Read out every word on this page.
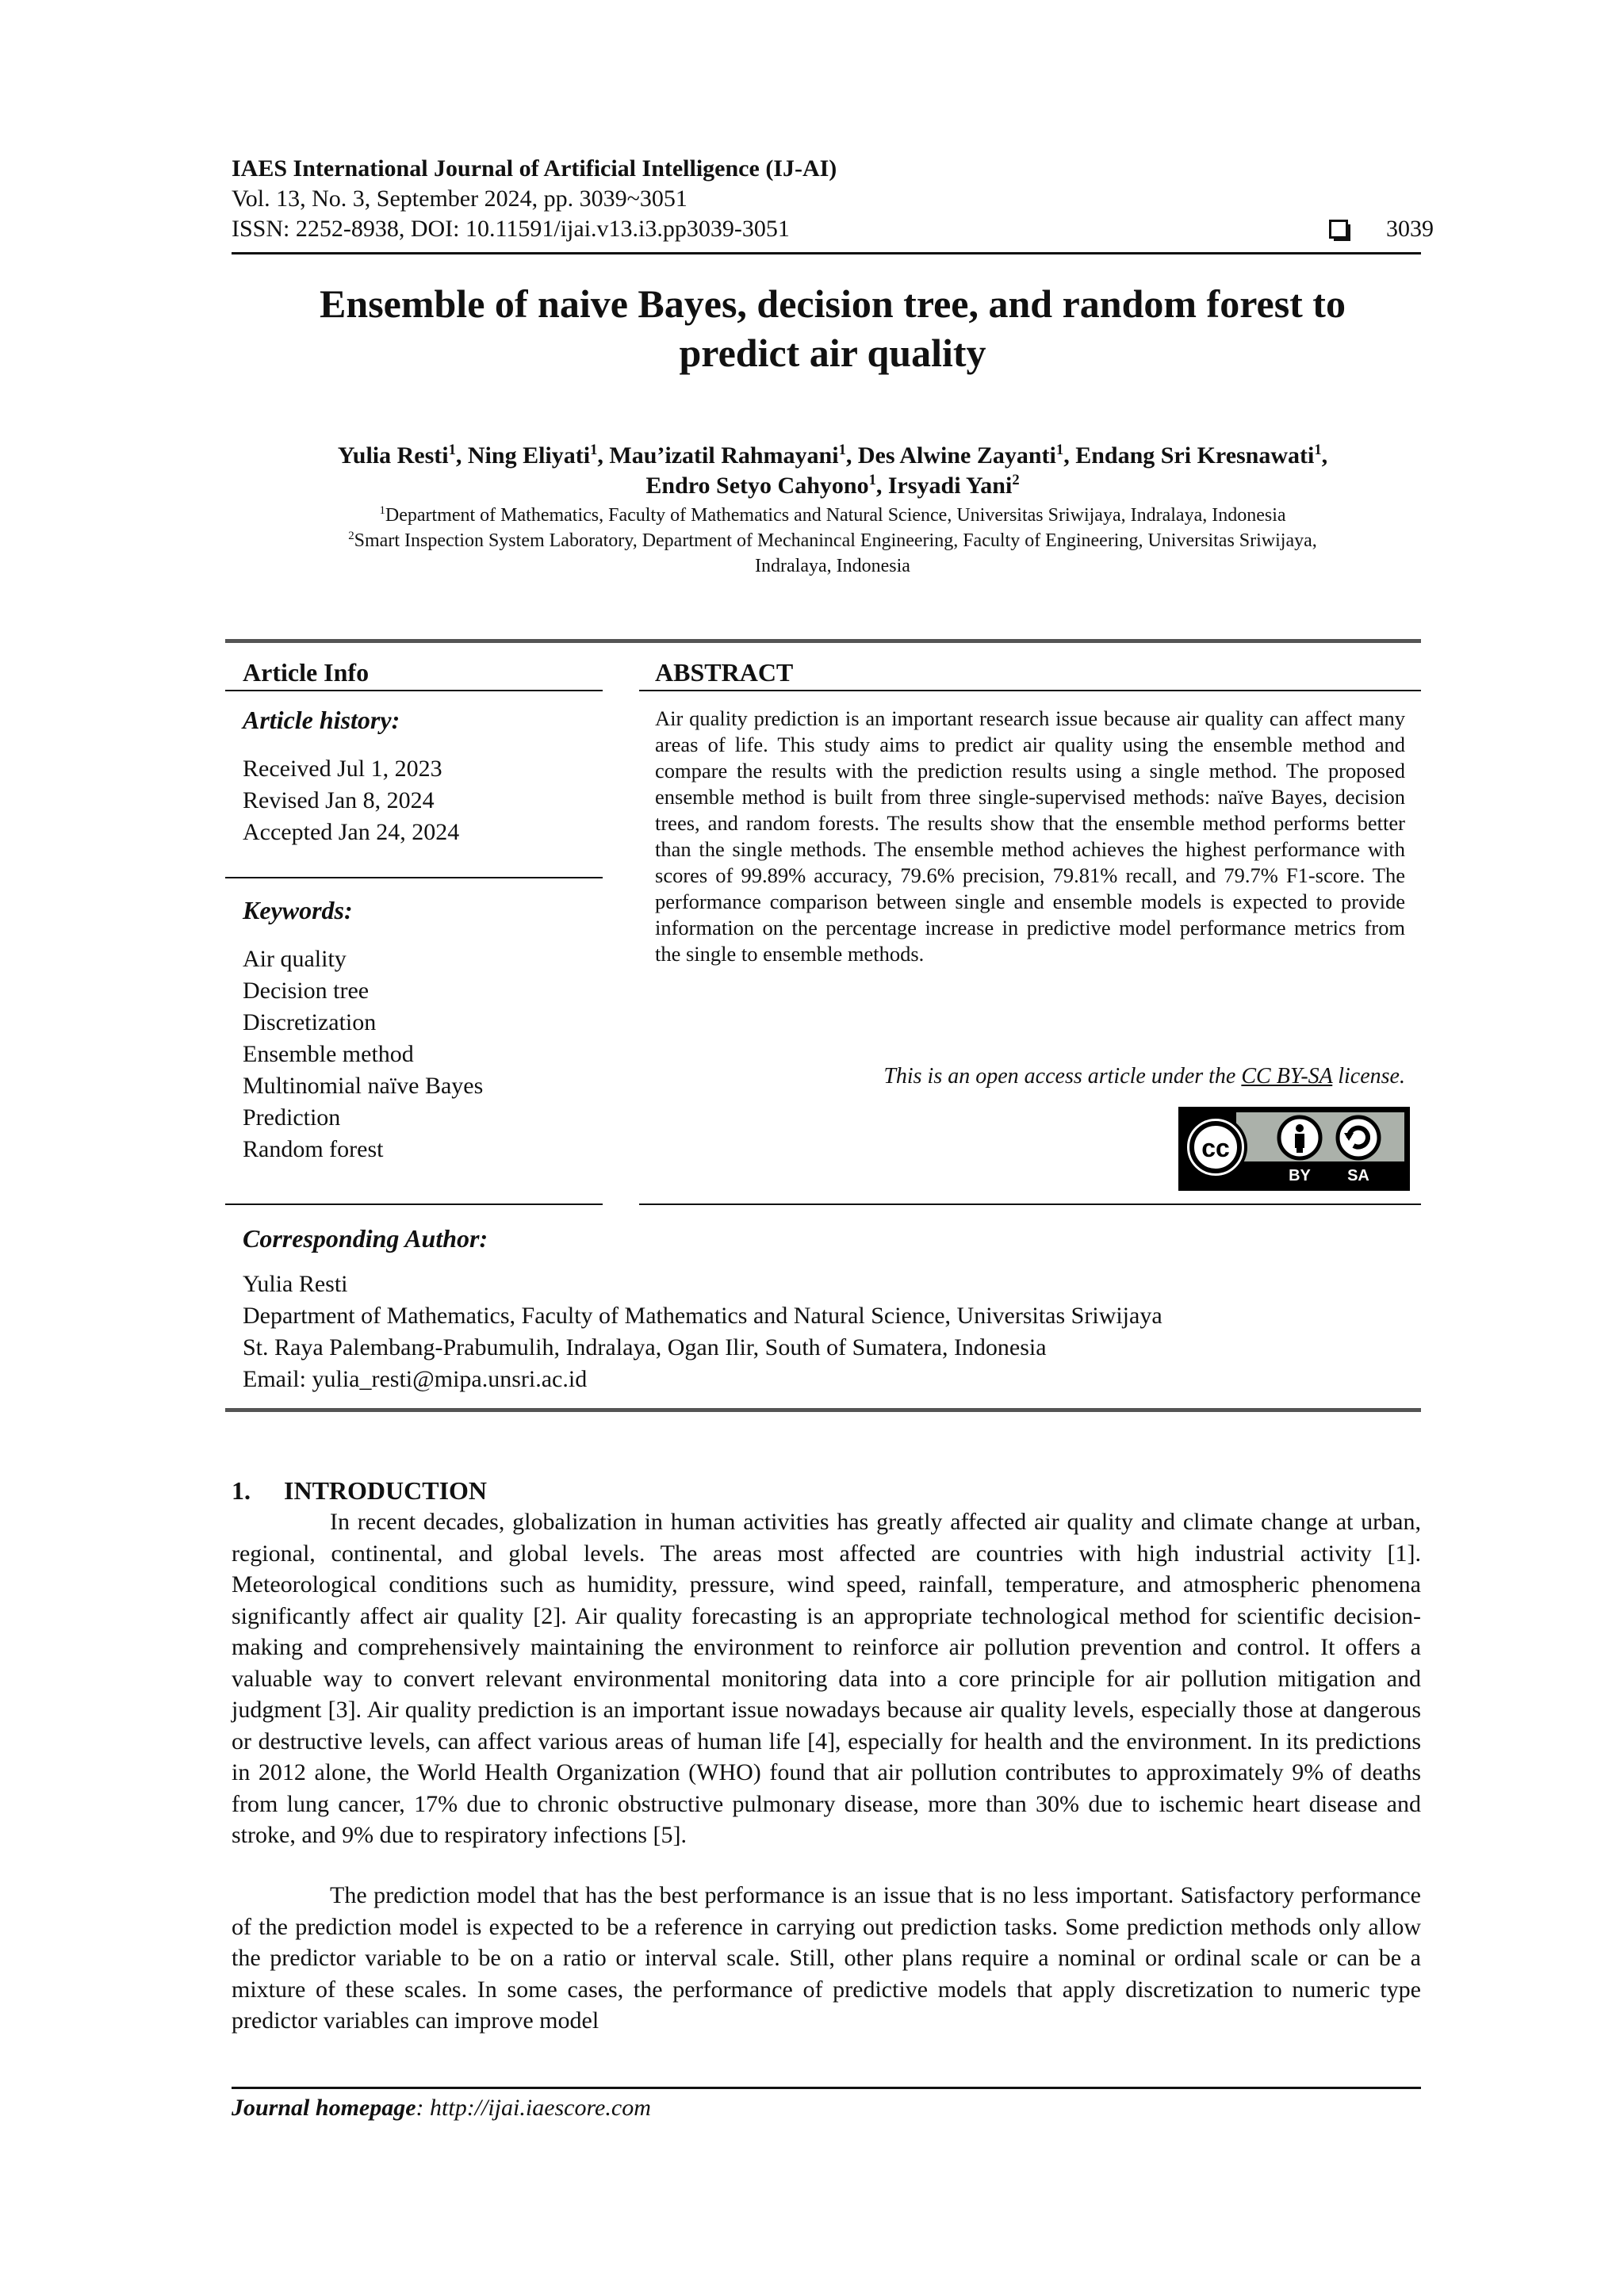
IAES International Journal of Artificial Intelligence (IJ-AI)
Vol. 13, No. 3, September 2024, pp. 3039~3051
ISSN: 2252-8938, DOI: 10.11591/ijai.v13.i3.pp3039-3051	3039
Ensemble of naive Bayes, decision tree, and random forest to
predict air quality
Yulia Resti$^1$, Ning Eliyati$^1$, Mau’izatil Rahmayani$^1$, Des Alwine Zayanti$^1$, Endang Sri Kresnawati$^1$,
Endro Setyo Cahyono$^1$, Irsyadi Yani$^2$
$^1$Department of Mathematics, Faculty of Mathematics and Natural Science, Universitas Sriwijaya, Indralaya, Indonesia
$^2$Smart Inspection System Laboratory, Department of Mechanincal Engineering, Faculty of Engineering, Universitas Sriwijaya,
Indralaya, Indonesia
Article Info
Article history:
Received Jul 1, 2023
Revised Jan 8, 2024
Accepted Jan 24, 2024
Keywords:
Air quality
Decision tree
Discretization
Ensemble method
Multinomial naïve Bayes
Prediction
Random forest
ABSTRACT
Air quality prediction is an important research issue because air quality can affect many areas of life. This study aims to predict air quality using the ensemble method and compare the results with the prediction results using a single method. The proposed ensemble method is built from three single-supervised methods: naïve Bayes, decision trees, and random forests. The results show that the ensemble method performs better than the single methods. The ensemble method achieves the highest performance with scores of 99.89% accuracy, 79.6% precision, 79.81% recall, and 79.7% F1-score. The performance comparison between single and ensemble models is expected to provide information on the percentage increase in predictive model performance metrics from the single to ensemble methods.
This is an open access article under the CC BY-SA license.
cc
BY SA
Corresponding Author:
Yulia Resti
Department of Mathematics, Faculty of Mathematics and Natural Science, Universitas Sriwijaya
St. Raya Palembang-Prabumulih, Indralaya, Ogan Ilir, South of Sumatera, Indonesia
Email: yulia_resti@mipa.unsri.ac.id
1. INTRODUCTION
In recent decades, globalization in human activities has greatly affected air quality and climate change at urban, regional, continental, and global levels. The areas most affected are countries with high industrial activity [1]. Meteorological conditions such as humidity, pressure, wind speed, rainfall, temperature, and atmospheric phenomena significantly affect air quality [2]. Air quality forecasting is an appropriate technological method for scientific decision-making and comprehensively maintaining the environment to reinforce air pollution prevention and control. It offers a valuable way to convert relevant environmental monitoring data into a core principle for air pollution mitigation and judgment [3]. Air quality prediction is an important issue nowadays because air quality levels, especially those at dangerous or destructive levels, can affect various areas of human life [4], especially for health and the environment. In its predictions in 2012 alone, the World Health Organization (WHO) found that air pollution contributes to approximately 9% of deaths from lung cancer, 17% due to chronic obstructive pulmonary disease, more than 30% due to ischemic heart disease and stroke, and 9% due to respiratory infections [5].
The prediction model that has the best performance is an issue that is no less important. Satisfactory performance of the prediction model is expected to be a reference in carrying out prediction tasks. Some prediction methods only allow the predictor variable to be on a ratio or interval scale. Still, other plans require a nominal or ordinal scale or can be a mixture of these scales. In some cases, the performance of predictive models that apply discretization to numeric type predictor variables can improve model
Journal homepage: http://ijai.iaescore.com
